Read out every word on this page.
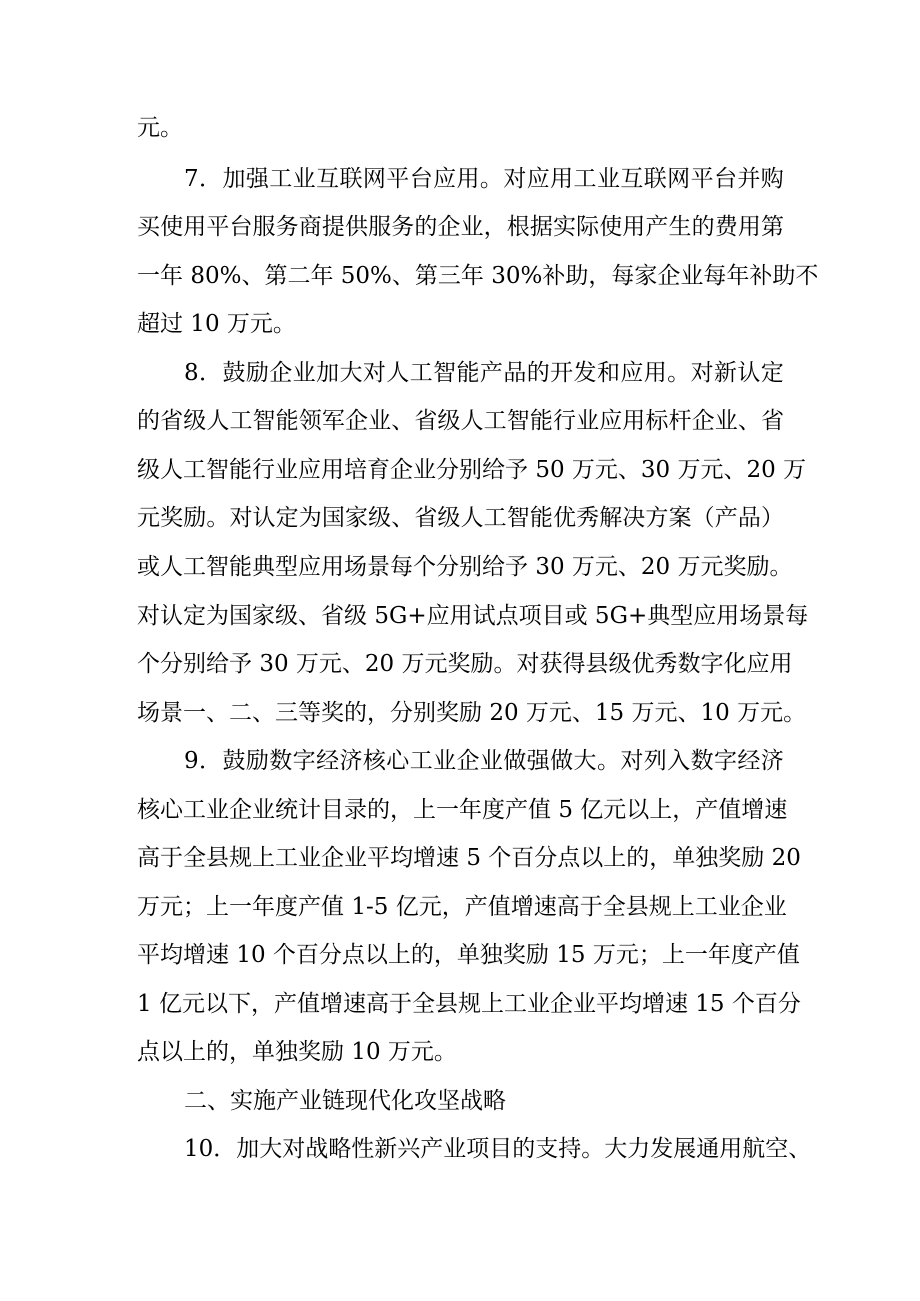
元。

7 ． 加 强 工 业 互 联 网 平 台 应 用 。 对 应 用 工 业 互 联 网 平 台 并 购

买 使 用 平 台 服 务 商 提 供 服 务 的 企 业 ， 根 据 实 际 使 用 产 生 的 费 用 第

一 年
8 0 % 、 第 二 年
5 0 % 、 第 三 年
3 0 % 补 助 ， 每 家 企 业 每 年 补 助 不

超过 10 万元。

8 ． 鼓 励 企 业 加 大 对 人 工 智 能 产 品 的 开 发 和 应 用 。 对 新 认 定

的 省 级 人 工 智 能 领 军 企 业 、 省 级 人 工 智 能 行 业 应 用 标 杆 企 业 、 省

级 人 工 智 能 行 业 应 用 培 育 企 业 分 别 给 予
5 0
万 元 、 3 0
万 元 、 2 0
万

元 奖 励 。 对 认 定 为 国 家 级 、 省 级 人 工 智 能 优 秀 解 决 方 案 （ 产 品 ）

或 人 工 智 能 典 型 应 用 场 景 每 个 分 别 给 予
3 0
万 元 、 2 0
万 元 奖 励 。

对 认 定 为 国 家 级 、 省 级
5 G + 应 用 试 点 项 目 或
5 G + 典 型 应 用 场 景 每

个 分 别 给 予
3 0
万 元 、 2 0
万 元 奖 励 。 对 获 得 县 级 优 秀 数 字 化 应 用

场 景 一 、 二 、 三 等 奖 的 ， 分 别 奖 励
2 0
万 元 、 1 5
万 元 、 1 0
万 元 。

9 ． 鼓 励 数 字 经 济 核 心 工 业 企 业 做 强 做 大 。 对 列 入 数 字 经 济

核 心 工 业 企 业 统 计 目 录 的 ， 上 一 年 度 产 值
5
亿 元 以 上 ， 产 值 增 速

高 于 全 县 规 上 工 业 企 业 平 均 增 速
5
个 百 分 点 以 上 的 ， 单 独 奖 励
2 0

万 元 ； 上 一 年 度 产 值
1 - 5
亿 元 ， 产 值 增 速 高 于 全 县 规 上 工 业 企 业

平 均 增 速
1 0
个 百 分 点 以 上 的 ， 单 独 奖 励
1 5
万 元 ； 上 一 年 度 产 值

1
亿 元 以 下 ， 产 值 增 速 高 于 全 县 规 上 工 业 企 业 平 均 增 速
1 5
个 百 分

点以上的，单独奖励 10 万元。

二、实施产业链现代化攻坚战略

1 0 ． 加 大 对 战 略 性 新 兴 产 业 项 目 的 支 持 。 大 力 发 展 通 用 航 空 、
